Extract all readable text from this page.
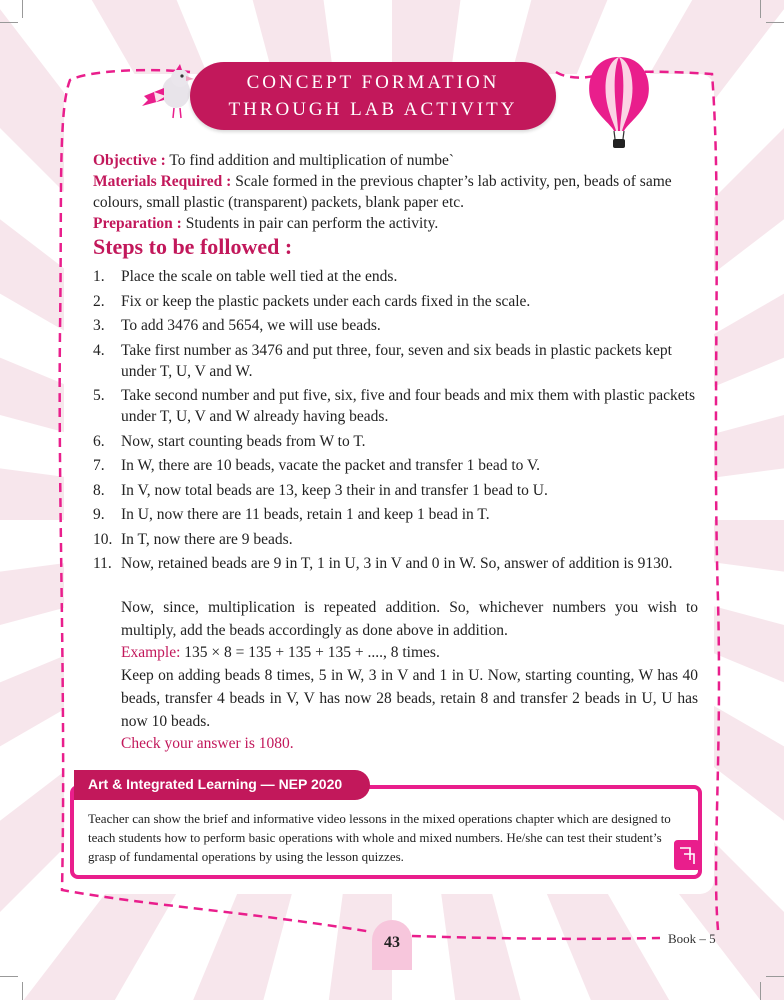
CONCEPT FORMATION
THROUGH LAB ACTIVITY
Objective : To find addition and multiplication of numbe`
Materials Required : Scale formed in the previous chapter’s lab activity, pen, beads of same colours, small plastic (transparent) packets, blank paper etc.
Preparation : Students in pair can perform the activity.
Steps to be followed :
1. Place the scale on table well tied at the ends.
2. Fix or keep the plastic packets under each cards fixed in the scale.
3. To add 3476 and 5654, we will use beads.
4. Take first number as 3476 and put three, four, seven and six beads in plastic packets kept under T, U, V and W.
5. Take second number and put five, six, five and four beads and mix them with plastic packets under T, U, V and W already having beads.
6. Now, start counting beads from W to T.
7. In W, there are 10 beads, vacate the packet and transfer 1 bead to V.
8. In V, now total beads are 13, keep 3 their in and transfer 1 bead to U.
9. In U, now there are 11 beads, retain 1 and keep 1 bead in T.
10. In T, now there are 9 beads.
11. Now, retained beads are 9 in T, 1 in U, 3 in V and 0 in W. So, answer of addition is 9130.
Now, since, multiplication is repeated addition. So, whichever numbers you wish to multiply, add the beads accordingly as done above in addition.
Example: 135 × 8 = 135 + 135 + 135 + ...., 8 times.
Keep on adding beads 8 times, 5 in W, 3 in V and 1 in U. Now, starting counting, W has 40 beads, transfer 4 beads in V, V has now 28 beads, retain 8 and transfer 2 beads in U, U has now 10 beads.
Check your answer is 1080.
Teacher can show the brief and informative video lessons in the mixed operations chapter which are designed to teach students how to perform basic operations with whole and mixed numbers. He/she can test their student’s grasp of fundamental operations by using the lesson quizzes.
Art & Integrated Learning — NEP 2020
43	Book – 5
